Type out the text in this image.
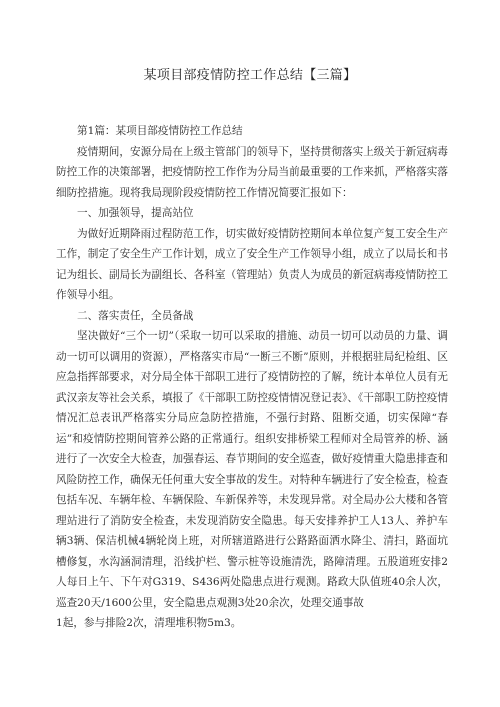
某项目部疫情防控工作总结【三篇】

第1篇：某项目部疫情防控工作总结

疫情期间，安源分局在上级主管部门的领导下，坚持贯彻落实上级关于新冠病毒防控工作的决策部署，把疫情防控工作作为分局当前最重要的工作来抓，严格落实落细防控措施。现将我局现阶段疫情防控工作情况简要汇报如下：

一、加强领导，提高站位

为做好近期降雨过程防范工作，切实做好疫情防控期间本单位复产复工安全生产工作，制定了安全生产工作计划，成立了安全生产工作领导小组，成立了以局长和书记为组长、副局长为副组长、各科室（管理站）负责人为成员的新冠病毒疫情防控工作领导小组。

二、落实责任，全员备战

坚决做好“三个一切”（采取一切可以采取的措施、动员一切可以动员的力量、调动一切可以调用的资源），严格落实市局“一断三不断”原则，并根据驻局纪检组、区应急指挥部要求，对分局全体干部职工进行了疫情防控的了解，统计本单位人员有无武汉亲友等社会关系，填报了《干部职工防控疫情情况登记表》、《干部职工防控疫情情况汇总表讯严格落实分局应急防控措施，不强行封路、阻断交通，切实保障“春运”和疫情防控期间管养公路的正常通行。组织安排桥梁工程师对全局管养的桥、涵进行了一次安全大检查，加强春运、春节期间的安全巡查，做好疫情重大隐患排查和风险防控工作，确保无任何重大安全事故的发生。对特种车辆进行了安全检查，检查包括车况、车辆年检、车辆保险、车新保养等，未发现异常。对全局办公大楼和各管理站进行了消防安全检查，未发现消防安全隐患。每天安排养护工人13人、养护车辆3辆、保洁机械4辆轮岗上班，对所辖道路进行公路路面洒水降尘、清扫，路面坑槽修复，水沟涵洞清理，沿线护栏、警示桩等设施清洗，路障清理。五股道班安排2人每日上午、下午对G319、S436两处隐患点进行观测。路政大队值班40余人次，巡查20天/1600公里，安全隐患点观测3处20余次，处理交通事故

1起，参与排险2次，清理堆积物5m3。
